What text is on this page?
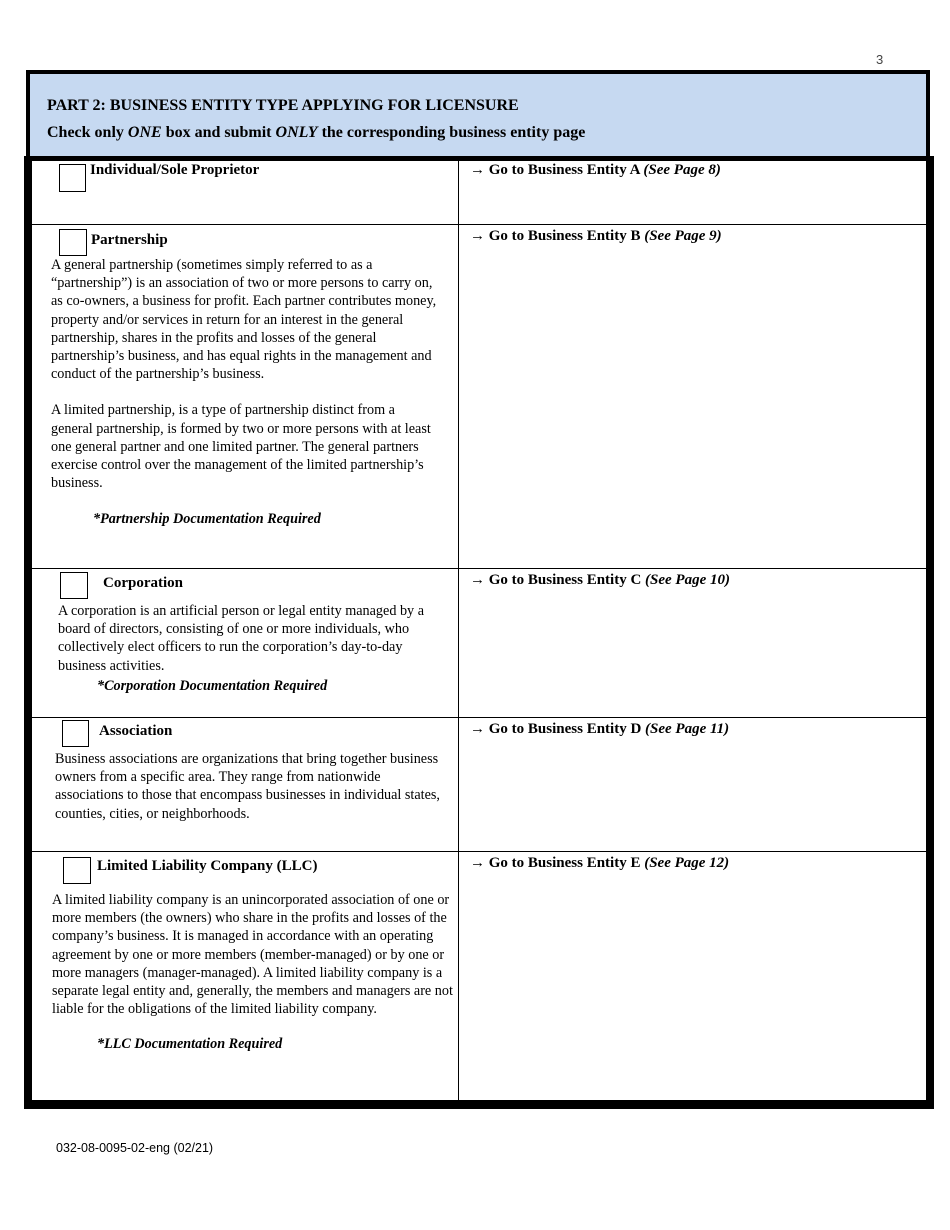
3
PART 2: BUSINESS ENTITY TYPE APPLYING FOR LICENSURE
Check only ONE box and submit ONLY the corresponding business entity page
Individual/Sole Proprietor	→ Go to Business Entity A (See Page 8)
Partnership

A general partnership (sometimes simply referred to as a “partnership”) is an association of two or more persons to carry on, as co-owners, a business for profit. Each partner contributes money, property and/or services in return for an interest in the general partnership, shares in the profits and losses of the general partnership’s business, and has equal rights in the management and conduct of the partnership’s business.

A limited partnership, is a type of partnership distinct from a general partnership, is formed by two or more persons with at least one general partner and one limited partner. The general partners exercise control over the management of the limited partnership’s business.

*Partnership Documentation Required
→ Go to Business Entity B (See Page 9)
Corporation
A corporation is an artificial person or legal entity managed by a board of directors, consisting of one or more individuals, who collectively elect officers to run the corporation’s day-to-day business activities.
*Corporation Documentation Required
→ Go to Business Entity C (See Page 10)
Association
Business associations are organizations that bring together business owners from a specific area. They range from nationwide associations to those that encompass businesses in individual states, counties, cities, or neighborhoods.
→ Go to Business Entity D (See Page 11)
Limited Liability Company (LLC)
A limited liability company is an unincorporated association of one or more members (the owners) who share in the profits and losses of the company’s business. It is managed in accordance with an operating agreement by one or more members (member-managed) or by one or more managers (manager-managed). A limited liability company is a separate legal entity and, generally, the members and managers are not liable for the obligations of the limited liability company.
*LLC Documentation Required
→ Go to Business Entity E (See Page 12)
032-08-0095-02-eng (02/21)
